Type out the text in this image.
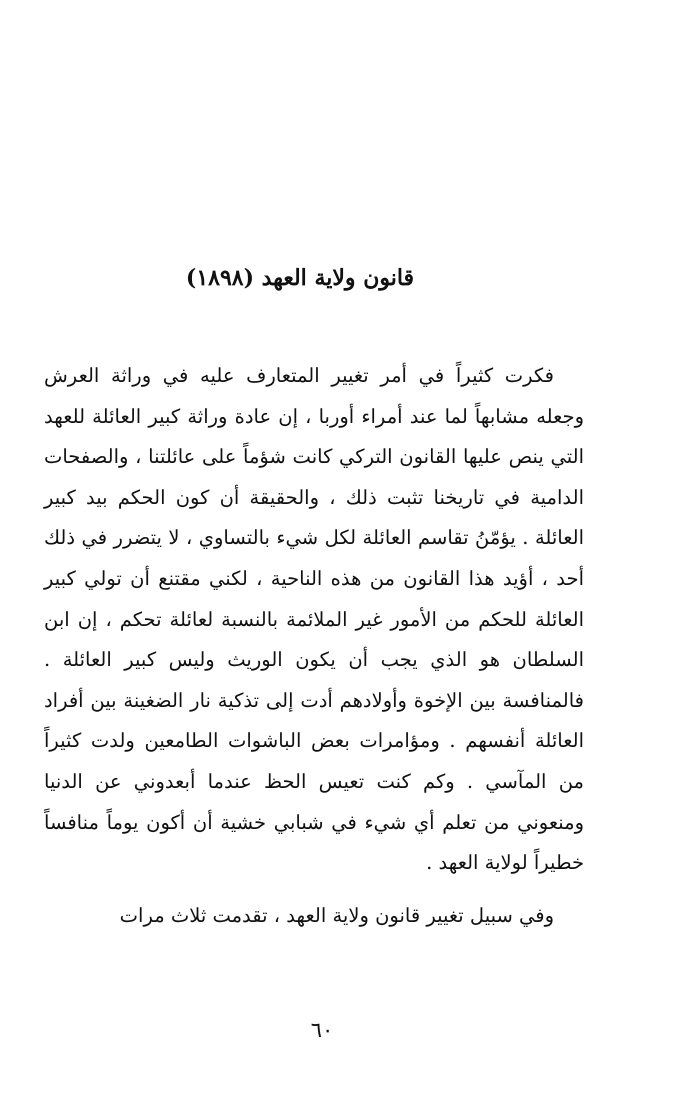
قانون ولاية العهد (١٨٩٨)

فكرت كثيراً في أمر تغيير المتعارف عليه في وراثة العرش وجعله مشابهاً لما عند أمراء أوربا ، إن عادة وراثة كبير العائلة للعهد التي ينص عليها القانون التركي كانت شؤماً على عائلتنا ، والصفحات الدامية في تاريخنا تثبت ذلك ، والحقيقة أن كون الحكم بيد كبير العائلة . يؤمّنُ تقاسم العائلة لكل شيء بالتساوي ، لا يتضرر في ذلك أحد ، أؤيد هذا القانون من هذه الناحية ، لكني مقتنع أن تولي كبير العائلة للحكم من الأمور غير الملائمة بالنسبة لعائلة تحكم ، إن ابن السلطان هو الذي يجب أن يكون الوريث وليس كبير العائلة . فالمنافسة بين الإخوة وأولادهم أدت إلى تذكية نار الضغينة بين أفراد العائلة أنفسهم . ومؤامرات بعض الباشوات الطامعين ولدت كثيراً من المآسي . وكم كنت تعيس الحظ عندما أبعدوني عن الدنيا ومنعوني من تعلم أي شيء في شبابي خشية أن أكون يوماً منافساً خطيراً لولاية العهد .

وفي سبيل تغيير قانون ولاية العهد ، تقدمت ثلاث مرات

٦٠
